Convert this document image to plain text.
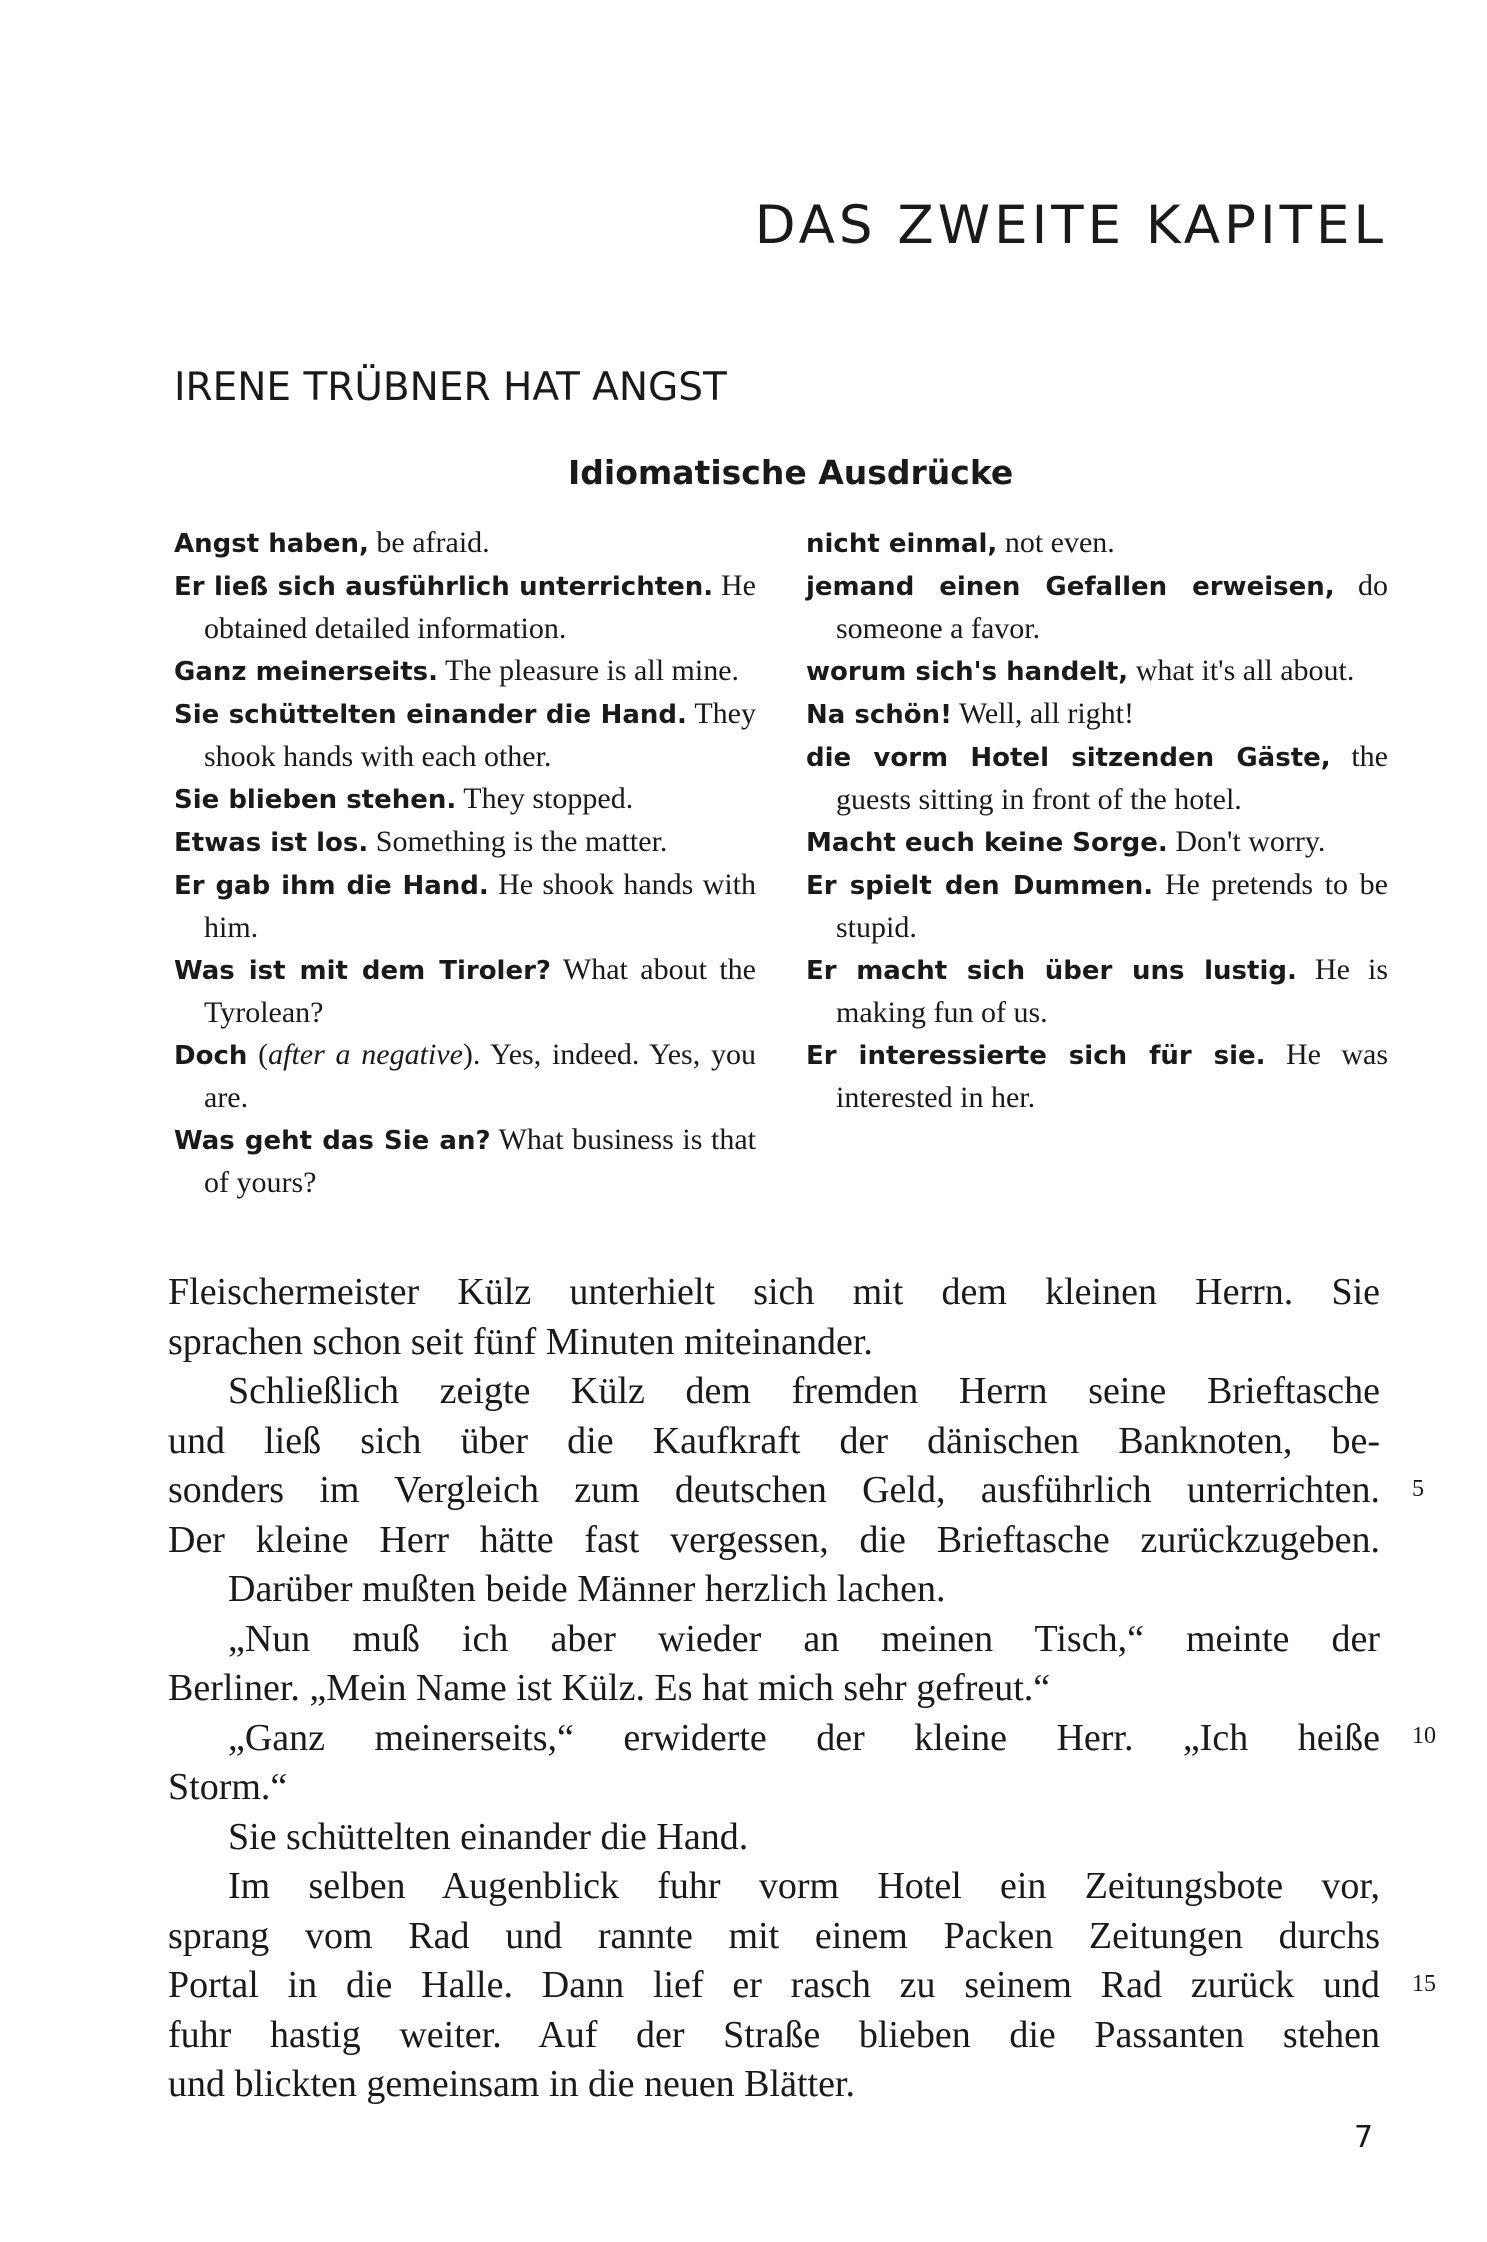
DAS ZWEITE KAPITEL
IRENE TRÜBNER HAT ANGST
Idiomatische Ausdrücke
Angst haben, be afraid.
Er ließ sich ausführlich unterrichten. He obtained detailed information.
Ganz meinerseits. The pleasure is all mine.
Sie schüttelten einander die Hand. They shook hands with each other.
Sie blieben stehen. They stopped.
Etwas ist los. Something is the matter.
Er gab ihm die Hand. He shook hands with him.
Was ist mit dem Tiroler? What about the Tyrolean?
Doch (after a negative). Yes, indeed. Yes, you are.
Was geht das Sie an? What business is that of yours?
nicht einmal, not even.
jemand einen Gefallen erweisen, do someone a favor.
worum sich's handelt, what it's all about.
Na schön! Well, all right!
die vorm Hotel sitzenden Gäste, the guests sitting in front of the hotel.
Macht euch keine Sorge. Don't worry.
Er spielt den Dummen. He pretends to be stupid.
Er macht sich über uns lustig. He is making fun of us.
Er interessierte sich für sie. He was interested in her.

Fleischermeister Külz unterhielt sich mit dem kleinen Herrn. Sie

sprachen schon seit fünf Minuten miteinander.

Schließlich zeigte Külz dem fremden Herrn seine Brieftasche

und ließ sich über die Kaufkraft der dänischen Banknoten, be-

sonders im Vergleich zum deutschen Geld, ausführlich unterrichten.

Der kleine Herr hätte fast vergessen, die Brieftasche zurückzugeben.

Darüber mußten beide Männer herzlich lachen.

„Nun muß ich aber wieder an meinen Tisch,“ meinte der

Berliner. „Mein Name ist Külz. Es hat mich sehr gefreut.“

„Ganz meinerseits,“ erwiderte der kleine Herr. „Ich heiße

Storm.“

Sie schüttelten einander die Hand.

Im selben Augenblick fuhr vorm Hotel ein Zeitungsbote vor,

sprang vom Rad und rannte mit einem Packen Zeitungen durchs

Portal in die Halle. Dann lief er rasch zu seinem Rad zurück und

fuhr hastig weiter. Auf der Straße blieben die Passanten stehen

und blickten gemeinsam in die neuen Blätter.

5
10
15

7
